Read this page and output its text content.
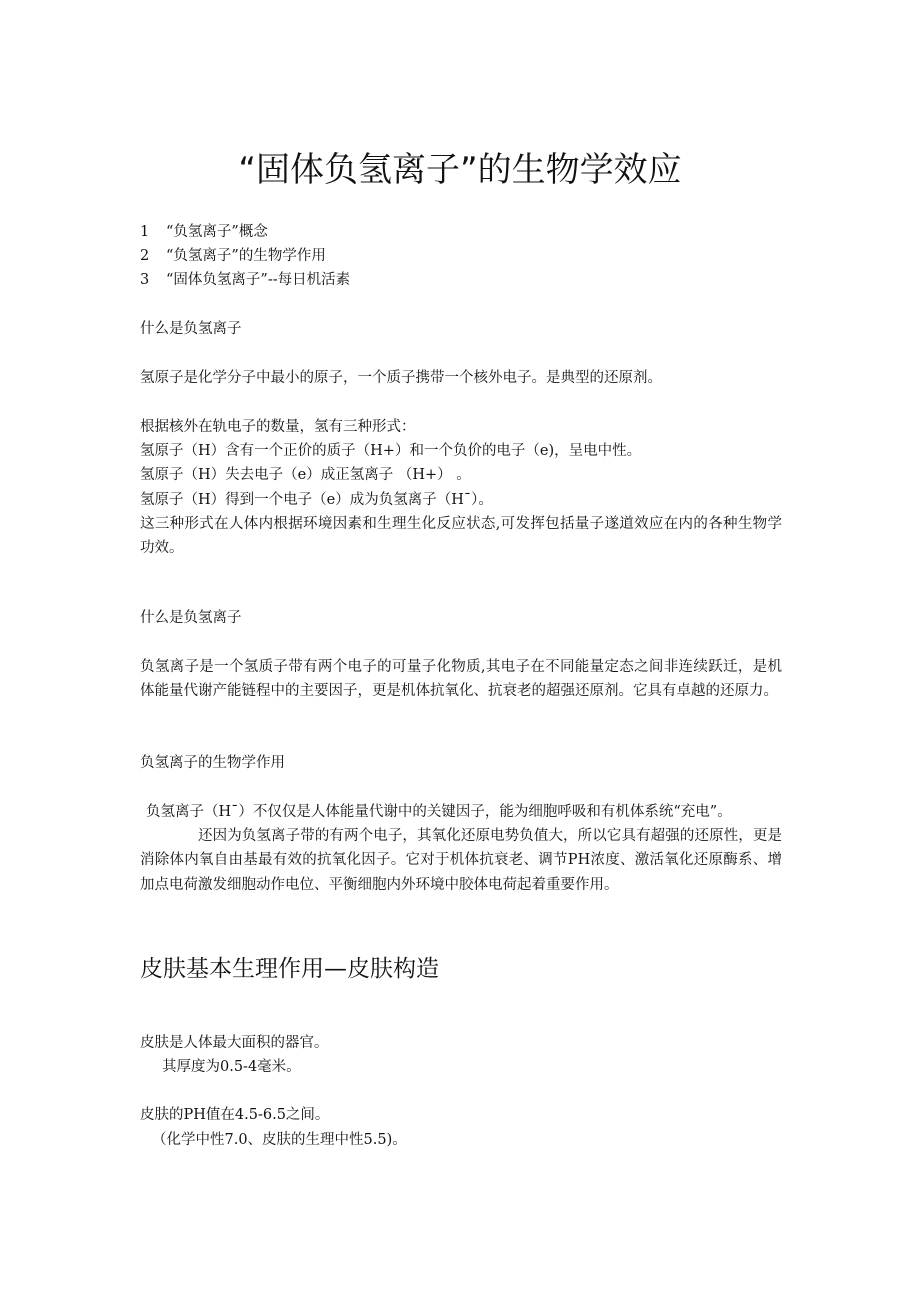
“固体负氢离子”的生物学效应

1 “负氢离子”概念

2 “负氢离子”的生物学作用

3 “固体负氢离子”--每日机活素

什么是负氢离子
氢原子是化学分子中最小的原子，一个质子携带一个核外电子。是典型的还原剂。

根据核外在轨电子的数量，氢有三种形式：

氢原子（H）含有一个正价的质子（H+）和一个负价的电子（e)，呈电中性。

氢原子（H）失去电子（e）成正氢离子 （H+） 。

氢原子（H）得到一个电子（e）成为负氢离子（H¯）。

这三种形式在人体内根据环境因素和生理生化反应状态,可发挥包括量子遂道效应在内的各种生物学功效。

什么是负氢离子
负氢离子是一个氢质子带有两个电子的可量子化物质,其电子在不同能量定态之间非连续跃迁，是机体能量代谢产能链程中的主要因子，更是机体抗氧化、抗衰老的超强还原剂。它具有卓越的还原力。
负氢离子的生物学作用

负氢离子（H¯）不仅仅是人体能量代谢中的关键因子，能为细胞呼吸和有机体系统“充电”。

还因为负氢离子带的有两个电子，其氧化还原电势负值大，所以它具有超强的还原性，更是消除体内氧自由基最有效的抗氧化因子。它对于机体抗衰老、调节PH浓度、激活氧化还原酶系、增加点电荷激发细胞动作电位、平衡细胞内外环境中胶体电荷起着重要作用。

皮肤基本生理作用—皮肤构造

皮肤是人体最大面积的器官。

其厚度为0.5-4毫米。

皮肤的PH值在4.5-6.5之间。

（化学中性7.0、皮肤的生理中性5.5)。
